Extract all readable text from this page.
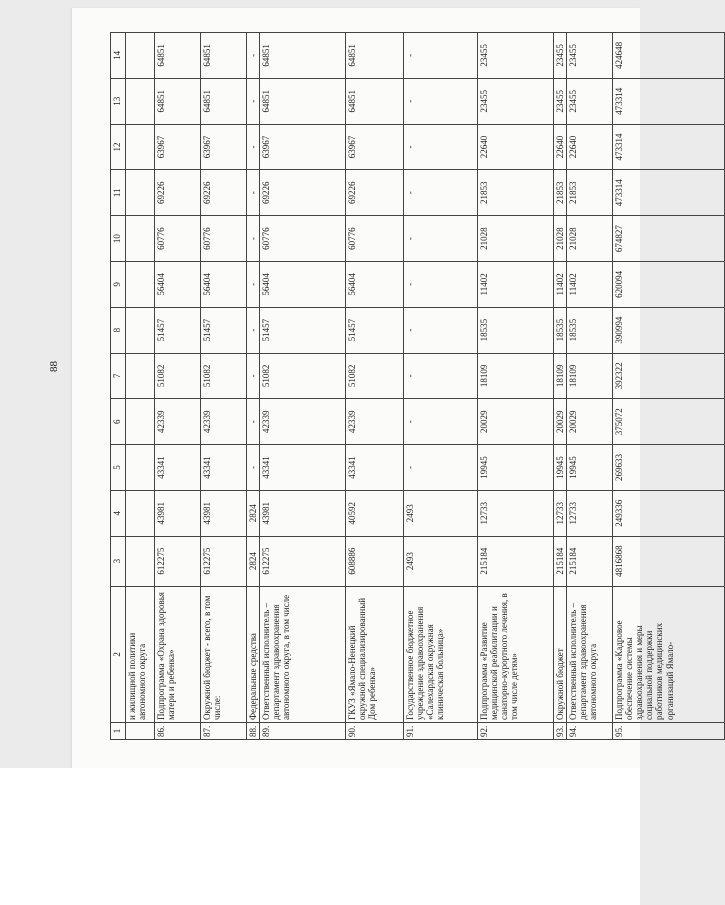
88
1	2	3	4	5	6	7	8	9	10	11	12	13	14
	и жилищной политики автономного округа												
86.	Подпрограмма «Охрана здоровья матери и ребенка»	612275	43981	43341	42339	51082	51457	56404	60776	69226	63967	64851	64851
87.	Окружной бюджет - всего, в том числе:	612275	43981	43341	42339	51082	51457	56404	60776	69226	63967	64851	64851
88.	Федеральные средства	2824	2824	-	-	-	-	-	-	-	-	-	-
89.	Ответственный исполнитель – департамент здравоохранения автономного округа, в том числе	612275	43981	43341	42339	51082	51457	56404	60776	69226	63967	64851	64851
90.	ГКУЗ «Ямало-Ненецкий окружной специализированный Дом ребенка»	608886	40592	43341	42339	51082	51457	56404	60776	69226	63967	64851	64851
91.	Государственное бюджетное учреждение здравоохранения «Салехардская окружная клиническая больница»	2493	2493	-	-	-	-	-	-	-	-	-	-
92.	Подпрограмма «Развитие медицинской реабилитации и санаторно-курортного лечения, в том числе детям»	215184	12733	19945	20029	18109	18535	11402	21028	21853	22640	23455	23455
93.	Окружной бюджет	215184	12733	19945	20029	18109	18535	11402	21028	21853	22640	23455	23455
94.	Ответственный исполнитель – департамент здравоохранения автономного округа	215184	12733	19945	20029	18109	18535	11402	21028	21853	22640	23455	23455
95.	Подпрограмма «Кадровое обеспечение системы здравоохранения и меры социальной поддержки работников медицинских организаций Ямало-	4816868	249336	269633	375072	392322	390994	620094	674827	473314	473314	473314	424648
